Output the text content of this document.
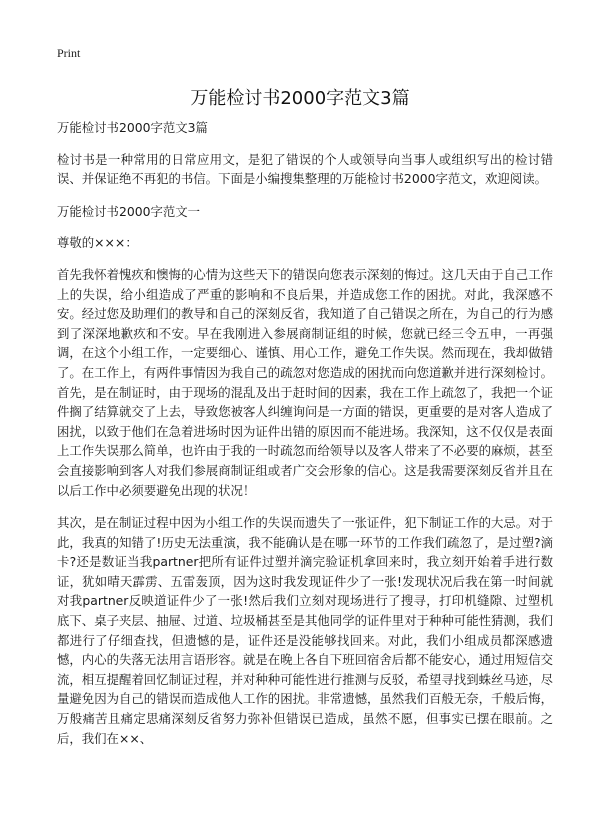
Print
万能检讨书2000字范文3篇

万能检讨书2000字范文3篇

检讨书是一种常用的日常应用文，是犯了错误的个人或领导向当事人或组织写出的检讨错误、并保证绝不再犯的书信。下面是小编搜集整理的万能检讨书2000字范文，欢迎阅读。

万能检讨书2000字范文一

尊敬的×××：

首先我怀着愧疚和懊悔的心情为这些天下的错误向您表示深刻的悔过。这几天由于自己工作上的失误，给小组造成了严重的影响和不良后果，并造成您工作的困扰。对此，我深感不安。经过您及助理们的教导和自己的深刻反省，我知道了自己错误之所在，为自己的行为感到了深深地歉疚和不安。早在我刚进入参展商制证组的时候，您就已经三令五申，一再强调，在这个小组工作，一定要细心、谨慎、用心工作，避免工作失误。然而现在，我却做错了。在工作上，有两件事情因为我自己的疏忽对您造成的困扰而向您道歉并进行深刻检讨。首先，是在制证时，由于现场的混乱及出于赶时间的因素，我在工作上疏忽了，我把一个证件搁了结算就交了上去，导致您被客人纠缠询问是一方面的错误，更重要的是对客人造成了困扰，以致于他们在急着进场时因为证件出错的原因而不能进场。我深知，这不仅仅是表面上工作失误那么简单，也许由于我的一时疏忽而给领导以及客人带来了不必要的麻烦，甚至会直接影响到客人对我们参展商制证组或者广交会形象的信心。这是我需要深刻反省并且在以后工作中必须要避免出现的状况！

其次，是在制证过程中因为小组工作的失误而遗失了一张证件，犯下制证工作的大忌。对于此，我真的知错了!历史无法重演，我不能确认是在哪一环节的工作我们疏忽了，是过塑?滴卡?还是数证当我partner把所有证件过塑并滴完验证机拿回来时，我立刻开始着手进行数证，犹如晴天霹雳、五雷轰顶，因为这时我发现证件少了一张!发现状况后我在第一时间就对我partner反映道证件少了一张!然后我们立刻对现场进行了搜寻，打印机缝隙、过塑机底下、桌子夹层、抽屉、过道、垃圾桶甚至是其他同学的证件里对于种种可能性猜测，我们都进行了仔细查找，但遗憾的是，证件还是没能够找回来。对此，我们小组成员都深感遗憾，内心的失落无法用言语形容。就是在晚上各自下班回宿舍后都不能安心，通过用短信交流，相互提醒着回忆制证过程，并对种种可能性进行推测与反驳，希望寻找到蛛丝马迹，尽量避免因为自己的错误而造成他人工作的困扰。非常遗憾，虽然我们百般无奈，千般后悔，万般痛苦且痛定思痛深刻反省努力弥补但错误已造成，虽然不愿，但事实已摆在眼前。之后，我们在××、
